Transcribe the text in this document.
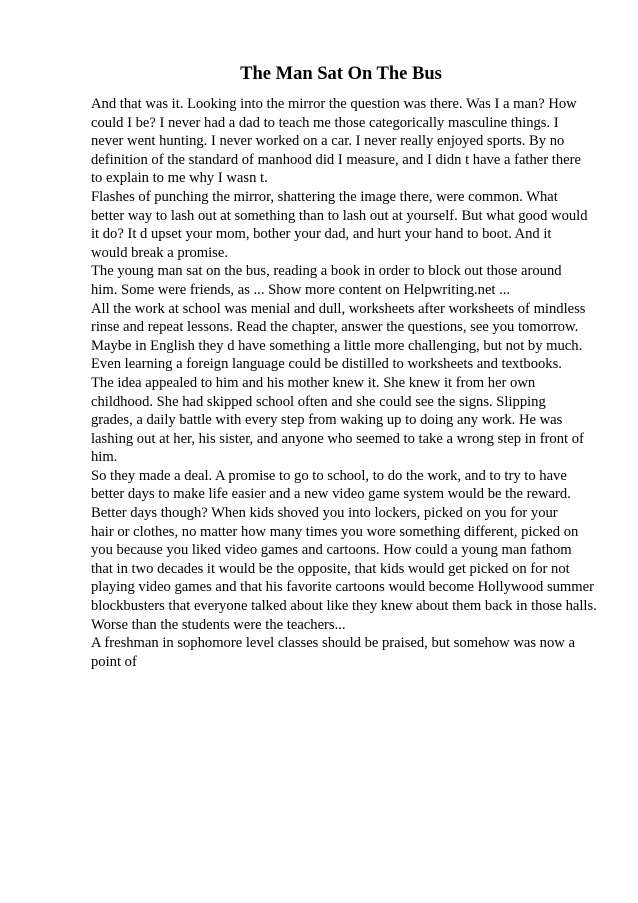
The Man Sat On The Bus
And that was it. Looking into the mirror the question was there. Was I a man? How
could I be? I never had a dad to teach me those categorically masculine things. I
never went hunting. I never worked on a car. I never really enjoyed sports. By no
definition of the standard of manhood did I measure, and I didn t have a father there
to explain to me why I wasn t.
Flashes of punching the mirror, shattering the image there, were common. What
better way to lash out at something than to lash out at yourself. But what good would
it do? It d upset your mom, bother your dad, and hurt your hand to boot. And it
would break a promise.
The young man sat on the bus, reading a book in order to block out those around
him. Some were friends, as ... Show more content on Helpwriting.net ...
All the work at school was menial and dull, worksheets after worksheets of mindless
rinse and repeat lessons. Read the chapter, answer the questions, see you tomorrow.
Maybe in English they d have something a little more challenging, but not by much.
Even learning a foreign language could be distilled to worksheets and textbooks.
The idea appealed to him and his mother knew it. She knew it from her own
childhood. She had skipped school often and she could see the signs. Slipping
grades, a daily battle with every step from waking up to doing any work. He was
lashing out at her, his sister, and anyone who seemed to take a wrong step in front of
him.
So they made a deal. A promise to go to school, to do the work, and to try to have
better days to make life easier and a new video game system would be the reward.
Better days though? When kids shoved you into lockers, picked on you for your
hair or clothes, no matter how many times you wore something different, picked on
you because you liked video games and cartoons. How could a young man fathom
that in two decades it would be the opposite, that kids would get picked on for not
playing video games and that his favorite cartoons would become Hollywood summer
blockbusters that everyone talked about like they knew about them back in those halls.
Worse than the students were the teachers...
A freshman in sophomore level classes should be praised, but somehow was now a
point of
